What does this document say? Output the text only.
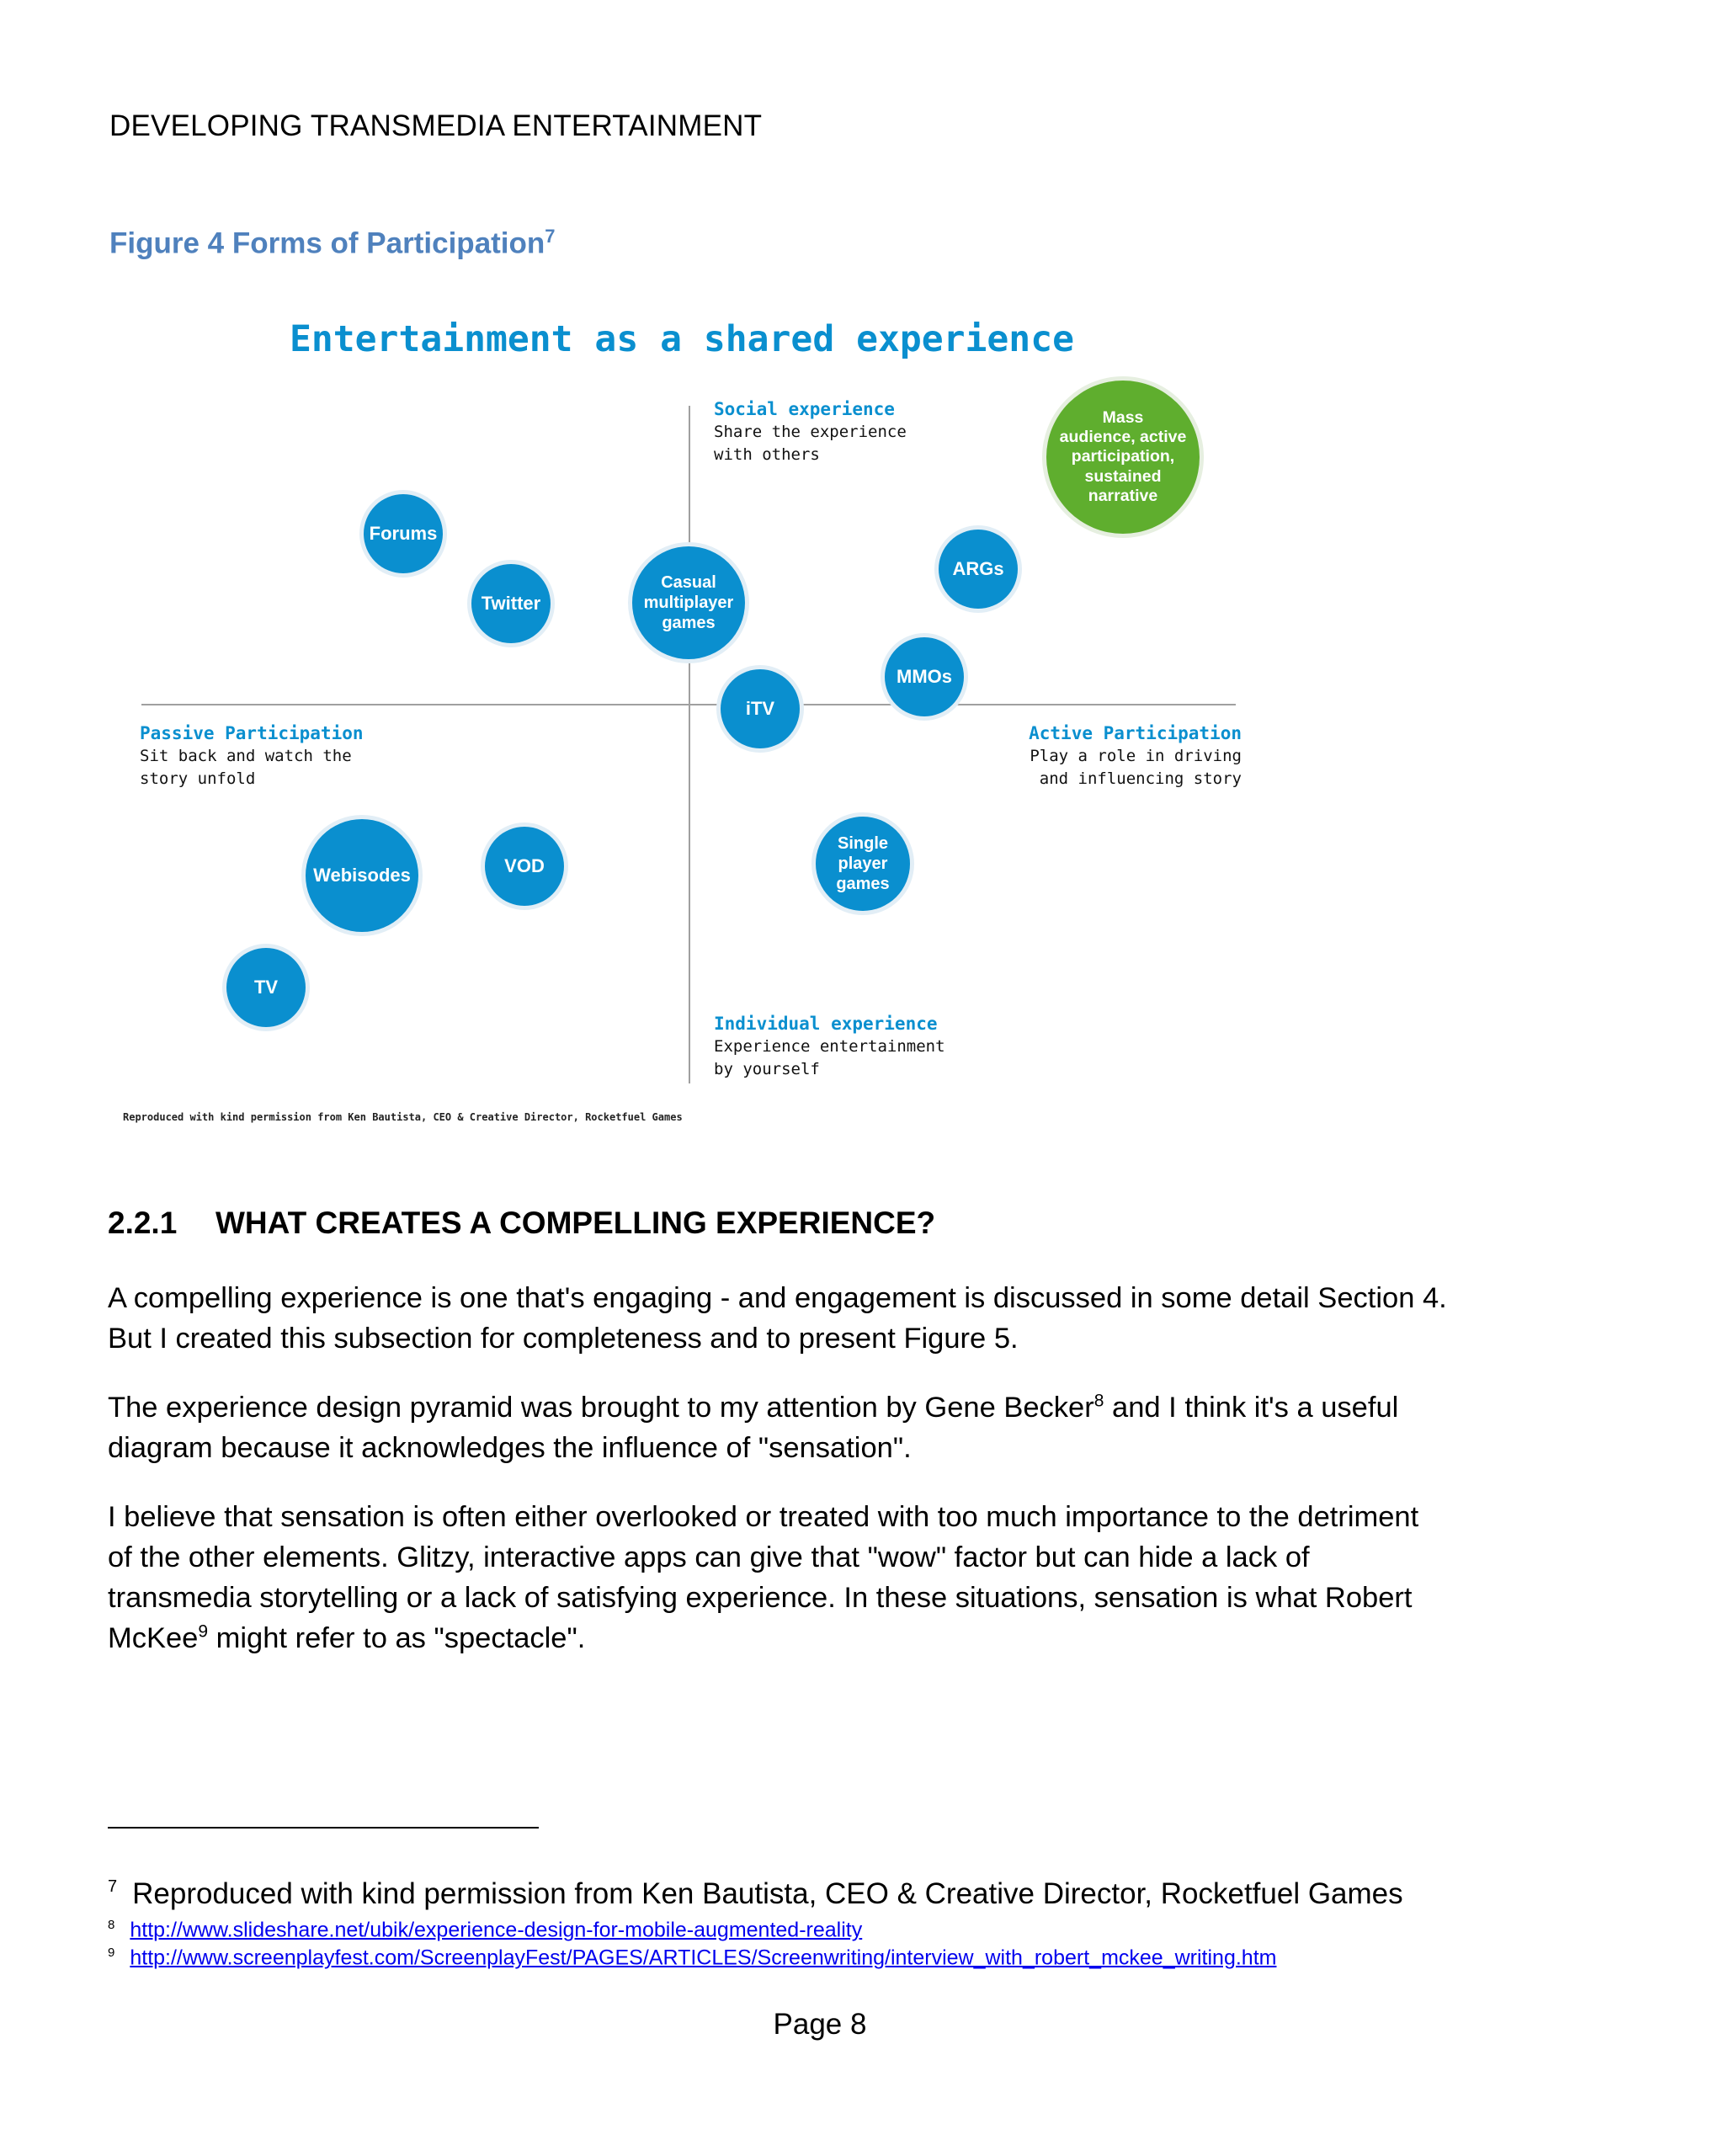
DEVELOPING TRANSMEDIA ENTERTAINMENT
Figure 4 Forms of Participation$^7$
Entertainment as a shared experience
Social experience
Share the experience
with others
Passive Participation
Sit back and watch the
story unfold
Active Participation
Play a role in driving
and influencing story
Individual experience
Experience entertainment
by yourself
Forums
Twitter
Casual
multiplayer
games
ARGs
MMOs
iTV
Mass
audience, active
participation,
sustained
narrative
Webisodes	VOD
Single
player
games
TV
Reproduced with kind permission from Ken Bautista, CEO & Creative Director, Rocketfuel Games
2.2.1 WHAT CREATES A COMPELLING EXPERIENCE?
A compelling experience is one that's engaging - and engagement is discussed in some detail Section 4.
But I created this subsection for completeness and to present Figure 5.
The experience design pyramid was brought to my attention by Gene Becker$^8$ and I think it's a useful
diagram because it acknowledges the influence of "sensation".
I believe that sensation is often either overlooked or treated with too much importance to the detriment
of the other elements. Glitzy, interactive apps can give that "wow" factor but can hide a lack of
transmedia storytelling or a lack of satisfying experience. In these situations, sensation is what Robert
McKee$^9$ might refer to as "spectacle".
$^7$ Reproduced with kind permission from Ken Bautista, CEO & Creative Director, Rocketfuel Games
$^8$ http://www.slideshare.net/ubik/experience-design-for-mobile-augmented-reality
$^9$ http://www.screenplayfest.com/ScreenplayFest/PAGES/ARTICLES/Screenwriting/interview_with_robert_mckee_writing.htm
Page 8
